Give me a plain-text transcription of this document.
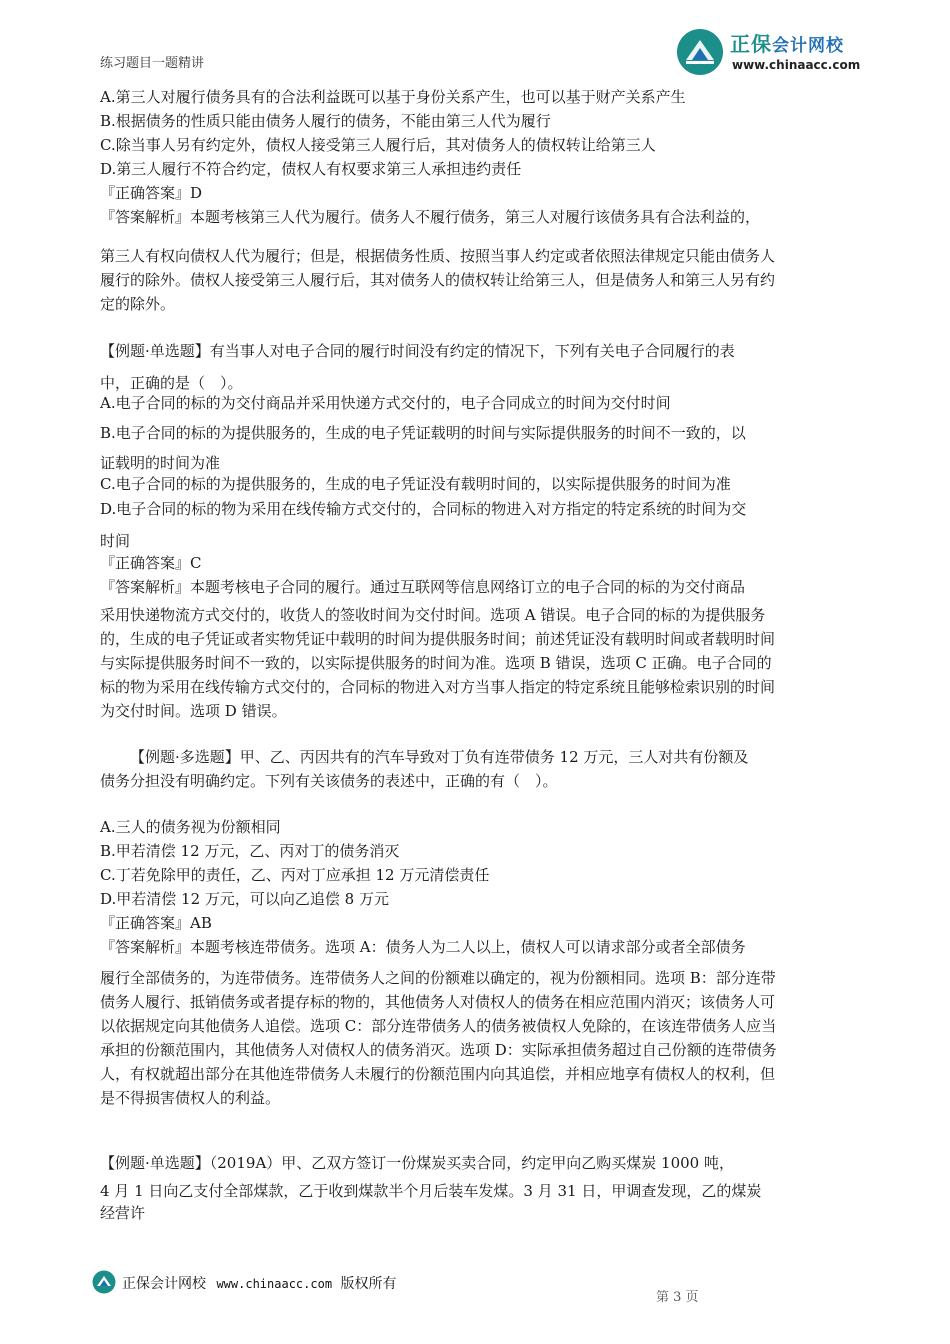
练习题目一题精讲
正保会计网校
www.chinaacc.com
A.第三人对履行债务具有的合法利益既可以基于身份关系产生，也可以基于财产关系产生
B.根据债务的性质只能由债务人履行的债务，不能由第三人代为履行
C.除当事人另有约定外，债权人接受第三人履行后，其对债务人的债权转让给第三人
D.第三人履行不符合约定，债权人有权要求第三人承担违约责任
『正确答案』D
『答案解析』本题考核第三人代为履行。债务人不履行债务，第三人对履行该债务具有合法利益的，
第三人有权向债权人代为履行；但是，根据债务性质、按照当事人约定或者依照法律规定只能由债务人
履行的除外。债权人接受第三人履行后，其对债务人的债权转让给第三人，但是债务人和第三人另有约
定的除外。
【例题·单选题】有当事人对电子合同的履行时间没有约定的情况下，下列有关电子合同履行的表
中，正确的是（　）。
A.电子合同的标的为交付商品并采用快递方式交付的，电子合同成立的时间为交付时间
B.电子合同的标的为提供服务的，生成的电子凭证载明的时间与实际提供服务的时间不一致的，以
证载明的时间为准
C.电子合同的标的为提供服务的，生成的电子凭证没有载明时间的，以实际提供服务的时间为准
D.电子合同的标的物为采用在线传输方式交付的，合同标的物进入对方指定的特定系统的时间为交
时间
『正确答案』C
『答案解析』本题考核电子合同的履行。通过互联网等信息网络订立的电子合同的标的为交付商品
采用快递物流方式交付的，收货人的签收时间为交付时间。选项 A 错误。电子合同的标的为提供服务
的，生成的电子凭证或者实物凭证中载明的时间为提供服务时间；前述凭证没有载明时间或者载明时间
与实际提供服务时间不一致的，以实际提供服务的时间为准。选项 B 错误，选项 C 正确。电子合同的
标的物为采用在线传输方式交付的，合同标的物进入对方当事人指定的特定系统且能够检索识别的时间
为交付时间。选项 D 错误。
【例题·多选题】甲、乙、丙因共有的汽车导致对丁负有连带债务 12 万元，三人对共有份额及
债务分担没有明确约定。下列有关该债务的表述中，正确的有（　）。
A.三人的债务视为份额相同
B.甲若清偿 12 万元，乙、丙对丁的债务消灭
C.丁若免除甲的责任，乙、丙对丁应承担 12 万元清偿责任
D.甲若清偿 12 万元，可以向乙追偿 8 万元
『正确答案』AB
『答案解析』本题考核连带债务。选项 A：债务人为二人以上，债权人可以请求部分或者全部债务
履行全部债务的，为连带债务。连带债务人之间的份额难以确定的，视为份额相同。选项 B：部分连带
债务人履行、抵销债务或者提存标的物的，其他债务人对债权人的债务在相应范围内消灭；该债务人可
以依据规定向其他债务人追偿。选项 C：部分连带债务人的债务被债权人免除的，在该连带债务人应当
承担的份额范围内，其他债务人对债权人的债务消灭。选项 D：实际承担债务超过自己份额的连带债务
人，有权就超出部分在其他连带债务人未履行的份额范围内向其追偿，并相应地享有债权人的权利，但
是不得损害债权人的利益。
【例题·单选题】（2019A）甲、乙双方签订一份煤炭买卖合同，约定甲向乙购买煤炭 1000 吨，
4 月 1 日向乙支付全部煤款，乙于收到煤款半个月后装车发煤。3 月 31 日，甲调查发现，乙的煤炭
经营许
正保会计网校 www.chinaacc.com 版权所有
第 3 页
